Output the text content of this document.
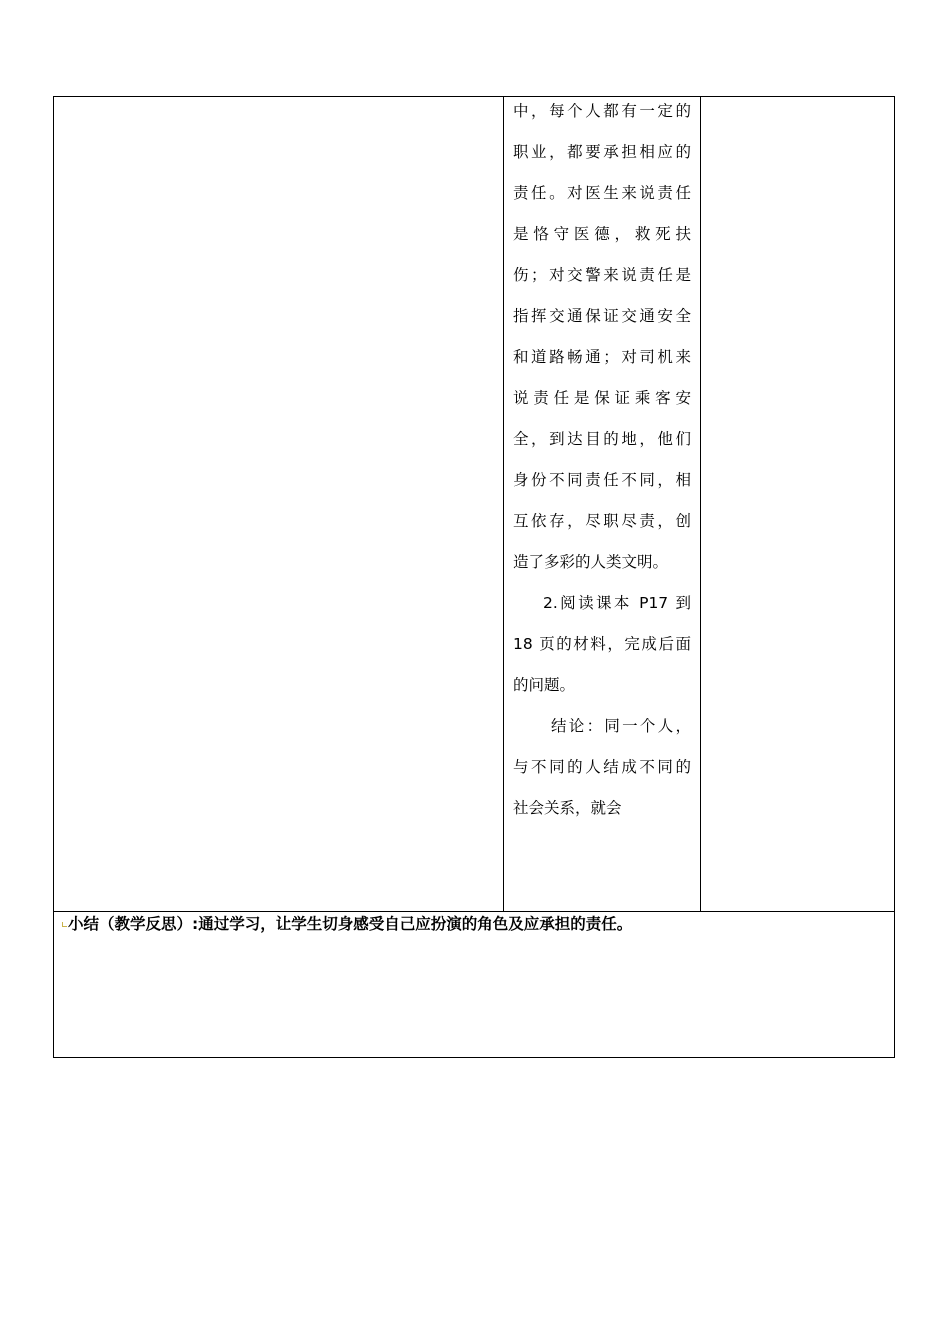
中，每个人都有一定的
职业，都要承担相应的
责任。对医生来说责任
是恪守医德，救死扶
伤；对交警来说责任是
指挥交通保证交通安全
和道路畅通；对司机来
说责任是保证乘客安
全，到达目的地，他们
身份不同责任不同，相
互依存，尽职尽责，创
造了多彩的人类文明。
2.阅读课本 P17 到
18 页的材料，完成后面
的问题。
结论：同一个人，
与不同的人结成不同的
社会关系，就会
小结（教学反思）:通过学习，让学生切身感受自己应扮演的角色及应承担的责任。
